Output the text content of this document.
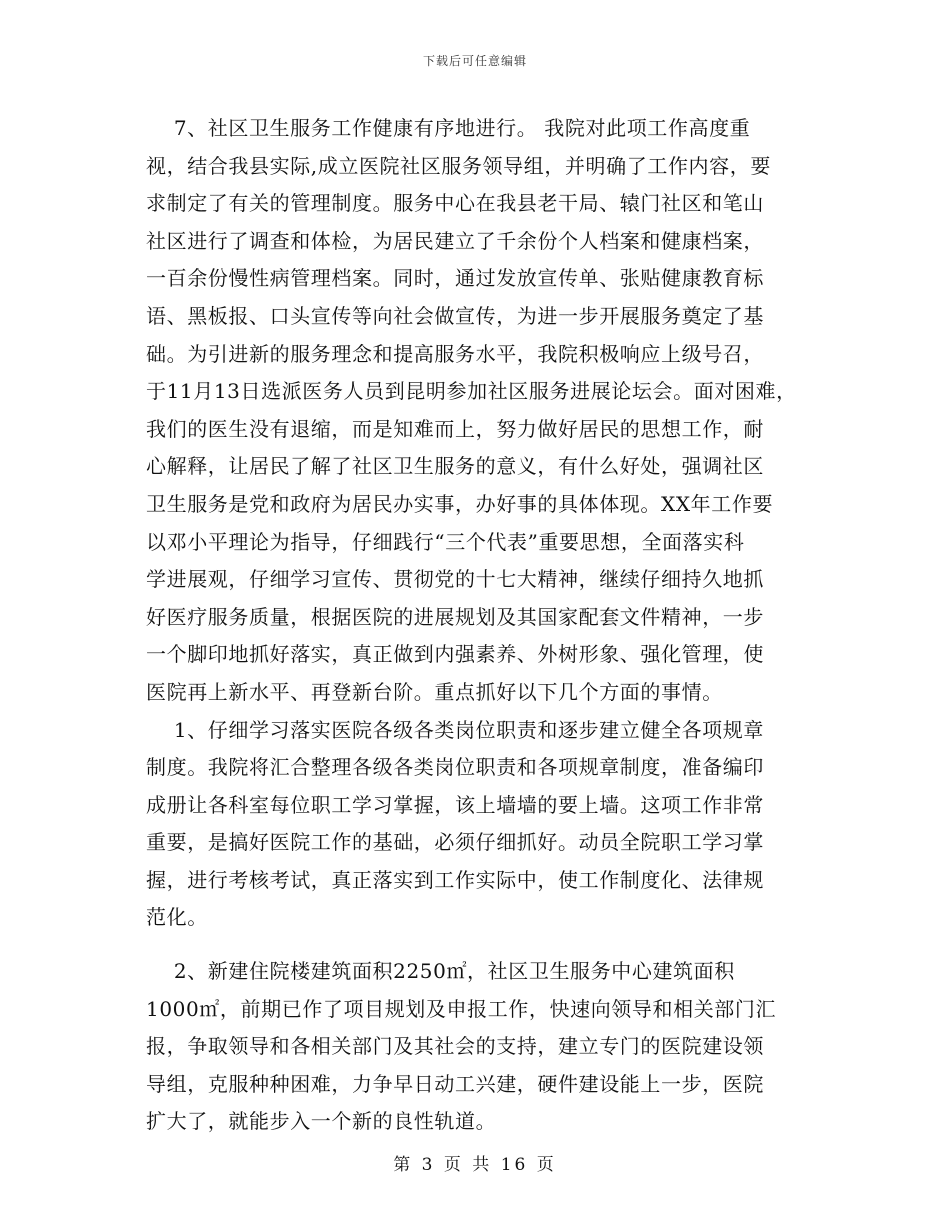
下载后可任意编辑
7、社区卫生服务工作健康有序地进行。 我院对此项工作高度重
视，结合我县实际,成立医院社区服务领导组，并明确了工作内容，要
求制定了有关的管理制度。服务中心在我县老干局、辕门社区和笔山
社区进行了调查和体检，为居民建立了千余份个人档案和健康档案，
一百余份慢性病管理档案。同时，通过发放宣传单、张贴健康教育标
语、黑板报、口头宣传等向社会做宣传，为进一步开展服务奠定了基
础。为引进新的服务理念和提高服务水平，我院积极响应上级号召，
于11月13日选派医务人员到昆明参加社区服务进展论坛会。面对困难，
我们的医生没有退缩，而是知难而上，努力做好居民的思想工作，耐
心解释，让居民了解了社区卫生服务的意义，有什么好处，强调社区
卫生服务是党和政府为居民办实事，办好事的具体体现。XX年工作要
以邓小平理论为指导，仔细践行“三个代表”重要思想，全面落实科
学进展观，仔细学习宣传、贯彻党的十七大精神，继续仔细持久地抓
好医疗服务质量，根据医院的进展规划及其国家配套文件精神，一步
一个脚印地抓好落实，真正做到内强素养、外树形象、强化管理，使
医院再上新水平、再登新台阶。重点抓好以下几个方面的事情。
1、仔细学习落实医院各级各类岗位职责和逐步建立健全各项规章
制度。我院将汇合整理各级各类岗位职责和各项规章制度，准备编印
成册让各科室每位职工学习掌握，该上墙墙的要上墙。这项工作非常
重要，是搞好医院工作的基础，必须仔细抓好。动员全院职工学习掌
握，进行考核考试，真正落实到工作实际中，使工作制度化、法律规
范化。
2、新建住院楼建筑面积2250㎡，社区卫生服务中心建筑面积
1000㎡，前期已作了项目规划及申报工作，快速向领导和相关部门汇
报，争取领导和各相关部门及其社会的支持，建立专门的医院建设领
导组，克服种种困难，力争早日动工兴建，硬件建设能上一步，医院
扩大了，就能步入一个新的良性轨道。
第 3 页 共 16 页
